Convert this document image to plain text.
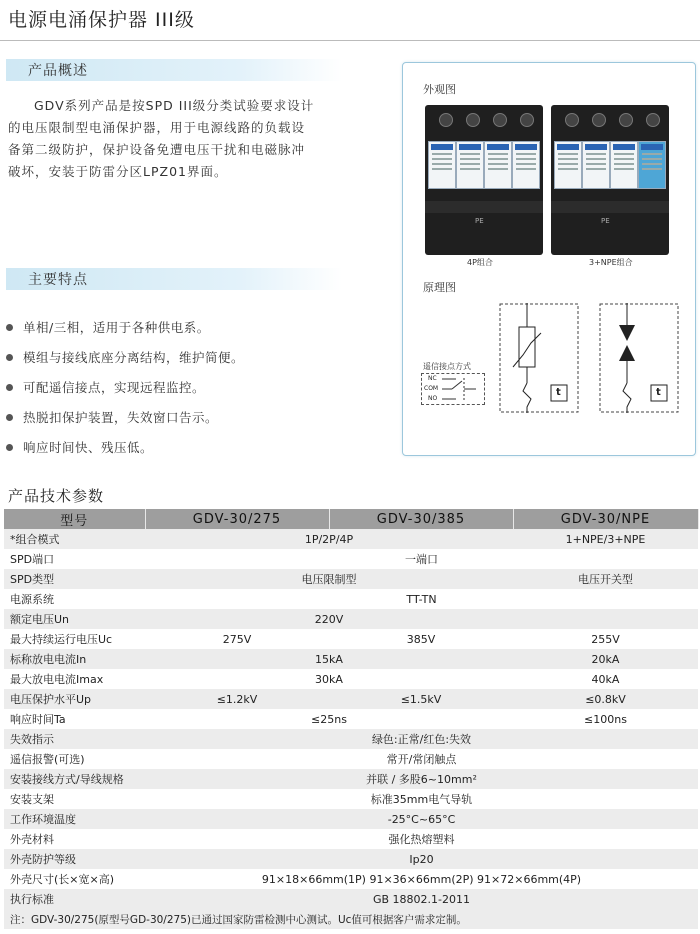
电源电涌保护器 III级
产品概述
GDV系列产品是按SPD III级分类试验要求设计
的电压限制型电涌保护器，用于电源线路的负载设
备第二级防护，保护设备免遭电压干扰和电磁脉冲
破坏，安装于防雷分区LPZ01界面。
主要特点
单相/三相，适用于各种供电系。
模组与接线底座分离结构，维护简便。
可配遥信接点，实现远程监控。
热脱扣保护装置，失效窗口告示。
响应时间快、残压低。
外观图
PE
4P组合
PE
3+NPE组合
原理图
遥信接点方式
NC
COM
NO
t	t
产品技术参数
型号	GDV-30/275	GDV-30/385	GDV-30/NPE
*组合模式	1P/2P/4P		1+NPE/3+NPE
SPD端口	一端口		
SPD类型	电压限制型		电压开关型
电源系统	TT-TN		
额定电压Un	220V		
最大持续运行电压Uc	275V	385V	255V
标称放电电流In	15kA		20kA
最大放电电流Imax	30kA		40kA
电压保护水平Up	≤1.2kV	≤1.5kV	≤0.8kV
响应时间Ta	≤25ns		≤100ns
失效指示	绿色:正常/红色:失效		
遥信报警(可选)	常开/常闭触点		
安装接线方式/导线规格	并联 / 多股6~10mm²		
安装支架	标准35mm电气导轨		
工作环境温度	-25°C~65°C		
外壳材料	强化热熔塑料		
外壳防护等级	Ip20		
外壳尺寸(长×宽×高)	91×18×66mm(1P) 91×36×66mm(2P) 91×72×66mm(4P)		
执行标准	GB 18802.1-2011		
注：GDV-30/275(原型号GD-30/275)已通过国家防雷检测中心测试。Uc值可根据客户需求定制。			
